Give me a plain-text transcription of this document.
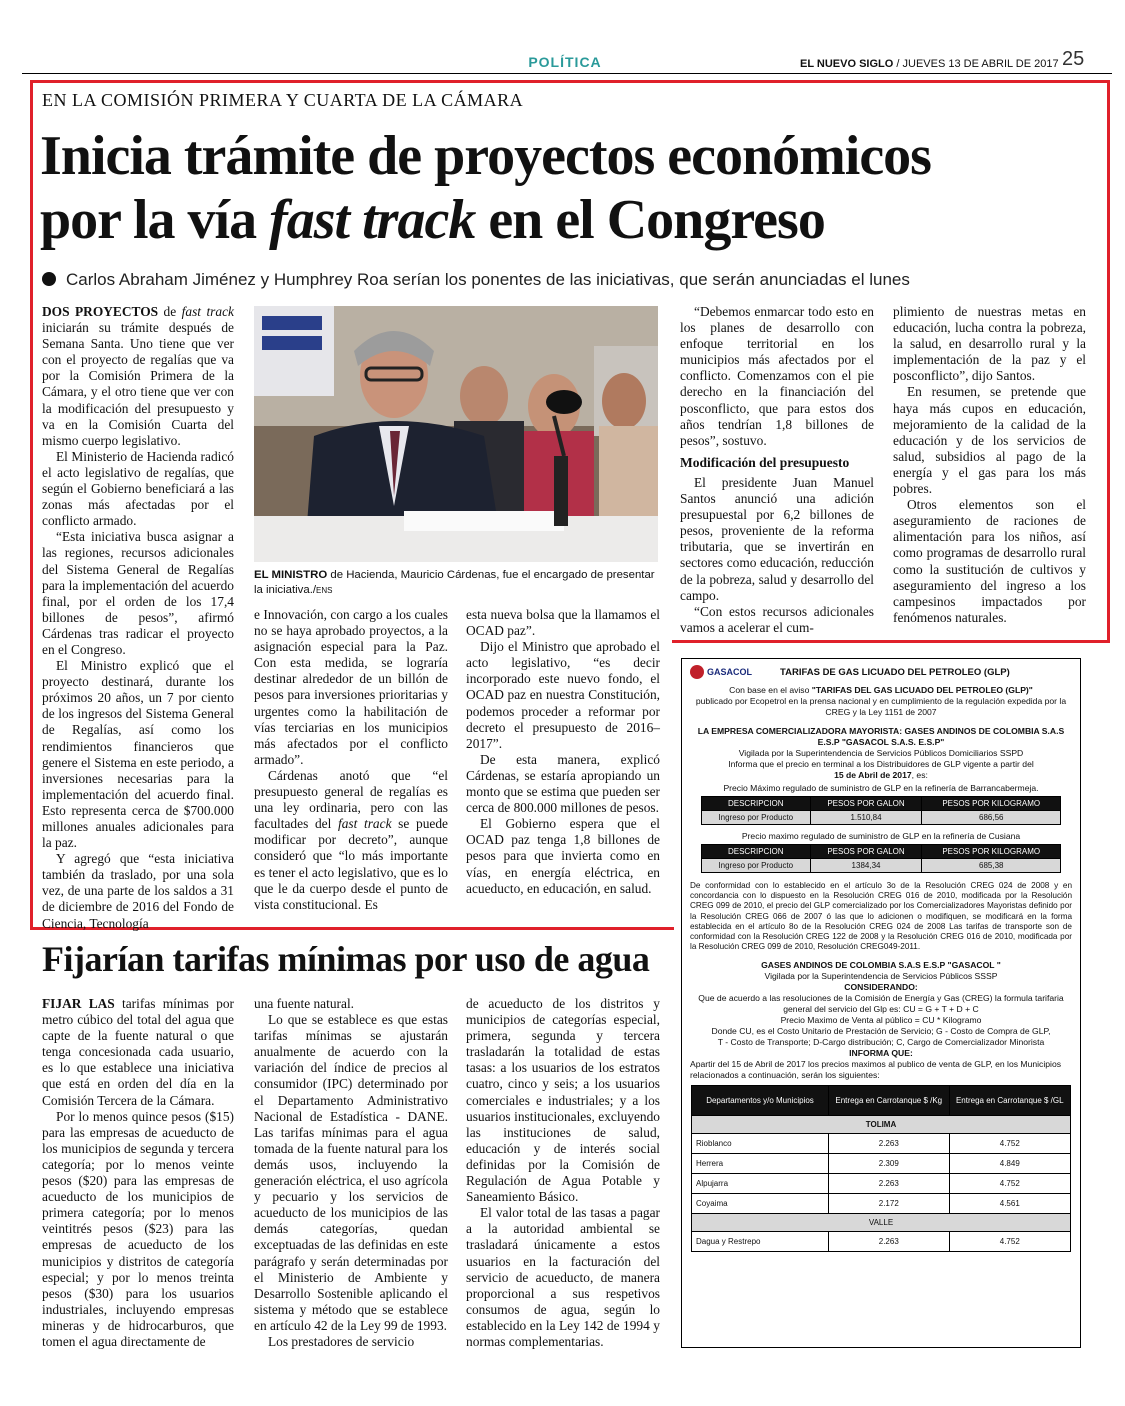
POLÍTICA	EL NUEVO SIGLO / JUEVES 13 DE ABRIL DE 2017 25
EN LA COMISIÓN PRIMERA Y CUARTA DE LA CÁMARA
Inicia trámite de proyectos económicos
por la vía fast track en el Congreso
Carlos Abraham Jiménez y Humphrey Roa serían los ponentes de las iniciativas, que serán anunciadas el lunes

DOS PROYECTOS de fast track iniciarán su trámite después de Semana Santa. Uno tiene que ver con el proyecto de regalías que va por la Comisión Primera de la Cámara, y el otro tiene que ver con la modificación del presupuesto y va en la Comisión Cuarta del mismo cuerpo legislativo.

El Ministerio de Hacienda radicó el acto legislativo de regalías, que según el Gobierno beneficiará a las zonas más afectadas por el conflicto armado.

“Esta iniciativa busca asignar a las regiones, recursos adicionales del Sistema General de Regalías para la implementación del acuerdo final, por el orden de los 17,4 billones de pesos”, afirmó Cárdenas tras radicar el proyecto en el Congreso.

El Ministro explicó que el proyecto destinará, durante los próximos 20 años, un 7 por ciento de los ingresos del Sistema General de Regalías, así como los rendimientos financieros que genere el Sistema en este periodo, a inversiones necesarias para la implementación del acuerdo final. Esto representa cerca de $700.000 millones anuales adicionales para la paz.

Y agregó que “esta iniciativa también da traslado, por una sola vez, de una parte de los saldos a 31 de diciembre de 2016 del Fondo de Ciencia, Tecnología

EL MINISTRO de Hacienda, Mauricio Cárdenas, fue el encargado de presentar la iniciativa./ENS

e Innovación, con cargo a los cuales no se haya aprobado proyectos, a la asignación especial para la Paz. Con esta medida, se lograría destinar alrededor de un billón de pesos para inversiones prioritarias y urgentes como la habilitación de vías terciarias en los municipios más afectados por el conflicto armado”.

Cárdenas anotó que “el presupuesto general de regalías es una ley ordinaria, pero con las facultades del fast track se puede modificar por decreto”, aunque consideró que “lo más importante es tener el acto legislativo, que es lo que le da cuerpo desde el punto de vista constitucional. Es

esta nueva bolsa que la llamamos el OCAD paz”.

Dijo el Ministro que aprobado el acto legislativo, “es decir incorporado este nuevo fondo, el OCAD paz en nuestra Constitución, podemos proceder a reformar por decreto el presupuesto de 2016–2017”.

De esta manera, explicó Cárdenas, se estaría apropiando un monto que se estima que pueden ser cerca de 800.000 millones de pesos.

El Gobierno espera que el OCAD paz tenga 1,8 billones de pesos para que invierta como en vías, en energía eléctrica, en acueducto, en educación, en salud.

“Debemos enmarcar todo esto en los planes de desarrollo con enfoque territorial en los municipios más afectados por el conflicto. Comenzamos con el pie derecho en la financiación del posconflicto, que para estos dos años tendrían 1,8 billones de pesos”, sostuvo.

Modificación del presupuesto

El presidente Juan Manuel Santos anunció una adición presupuestal por 6,2 billones de pesos, proveniente de la reforma tributaria, que se invertirán en sectores como educación, reducción de la pobreza, salud y desarrollo del campo.

“Con estos recursos adicionales vamos a acelerar el cum-

plimiento de nuestras metas en educación, lucha contra la pobreza, la salud, en desarrollo rural y la implementación de la paz y el posconflicto”, dijo Santos.

En resumen, se pretende que haya más cupos en educación, mejoramiento de la calidad de la educación y de los servicios de salud, subsidios al pago de la energía y el gas para los más pobres.

Otros elementos son el aseguramiento de raciones de alimentación para los niños, así como programas de desarrollo rural como la sustitución de cultivos y aseguramiento del ingreso a los campesinos impactados por fenómenos naturales.

Fijarían tarifas mínimas por uso de agua

FIJAR LAS tarifas mínimas por metro cúbico del total del agua que capte de la fuente natural o que tenga concesionada cada usuario, es lo que establece una iniciativa que está en orden del día en la Comisión Tercera de la Cámara.

Por lo menos quince pesos ($15) para las empresas de acueducto de los municipios de segunda y tercera categoría; por lo menos veinte pesos ($20) para las empresas de acueducto de los municipios de primera categoría; por lo menos veintitrés pesos ($23) para las empresas de acueducto de los municipios y distritos de categoría especial; y por lo menos treinta pesos ($30) para los usuarios industriales, incluyendo empresas mineras y de hidrocarburos, que tomen el agua directamente de

una fuente natural.

Lo que se establece es que estas tarifas mínimas se ajustarán anualmente de acuerdo con la variación del índice de precios al consumidor (IPC) determinado por el Departamento Administrativo Nacional de Estadística - DANE. Las tarifas mínimas para el agua tomada de la fuente natural para los demás usos, incluyendo la generación eléctrica, el uso agrícola y pecuario y los servicios de acueducto de los municipios de las demás categorías, quedan exceptuadas de las definidas en este parágrafo y serán determinadas por el Ministerio de Ambiente y Desarrollo Sostenible aplicando el sistema y método que se establece en artículo 42 de la Ley 99 de 1993.

Los prestadores de servicio

de acueducto de los distritos y municipios de categorías especial, primera, segunda y tercera trasladarán la totalidad de estas tasas: a los usuarios de los estratos cuatro, cinco y seis; a los usuarios comerciales e industriales; y a los usuarios institucionales, excluyendo las instituciones de salud, educación y de interés social definidas por la Comisión de Regulación de Agua Potable y Saneamiento Básico.

El valor total de las tasas a pagar a la autoridad ambiental se trasladará únicamente a estos usuarios en la facturación del servicio de acueducto, de manera proporcional a sus respetivos consumos de agua, según lo establecido en la Ley 142 de 1994 y normas complementarias.

GASACOL	TARIFAS DE GAS LICUADO DEL PETROLEO (GLP)
Con base en el aviso "TARIFAS DEL GAS LICUADO DEL PETROLEO (GLP)"
publicado por Ecopetrol en la prensa nacional y en cumplimiento de la regulación expedida por la CREG y la Ley 1151 de 2007
LA EMPRESA COMERCIALIZADORA MAYORISTA: GASES ANDINOS DE COLOMBIA S.A.S E.S.P "GASACOL S.A.S. E.S.P"
Vigilada por la Superintendencia de Servicios Públicos Domiciliarios SSPD
Informa que el precio en terminal a los Distribuidores de GLP vigente a partir del
15 de Abril de 2017, es:
Precio Máximo regulado de suministro de GLP en la refinería de Barrancabermeja.
DESCRIPCION	PESOS POR GALON	PESOS POR KILOGRAMO
Ingreso por Producto	1.510,84	686,56
Precio maximo regulado de suministro de GLP en la refinería de Cusiana
DESCRIPCION	PESOS POR GALON	PESOS POR KILOGRAMO
Ingreso por Producto	1384,34	685,38
De conformidad con lo establecido en el artículo 3o de la Resolución CREG 024 de 2008 y en concordancia con lo dispuesto en la Resolución CREG 016 de 2010, modificada por la Resolución CREG 099 de 2010, el precio del GLP comercializado por los Comercializadores Mayoristas definido por la Resolución CREG 066 de 2007 ó las que lo adicionen o modifiquen, se modificará en la forma establecida en el artículo 8o de la Resolución CREG 024 de 2008 Las tarifas de transporte son de conformidad con la Resolución CREG 122 de 2008 y la Resolución CREG 016 de 2010, modificada por la Resolución CREG 099 de 2010, Resolución CREG049-2011.
GASES ANDINOS DE COLOMBIA S.A.S E.S.P "GASACOL "
Vigilada por la Superintendencia de Servicios Públicos SSSP
CONSIDERANDO:
Que de acuerdo a las resoluciones de la Comisión de Energía y Gas (CREG) la formula tarifaria general del servicio del Glp es: CU = G + T + D + C
Precio Maximo de Venta al público = CU * Kilogramo
Donde CU, es el Costo Unitario de Prestación de Servicio; G - Costo de Compra de GLP,
T - Costo de Transporte; D-Cargo distribución; C, Cargo de Comercializador Minorista
INFORMA QUE:
Apartir del 15 de Abril de 2017 los precios maximos al publico de venta de GLP, en los Municipios relacionados a continuación, serán los siguientes:
Departamentos y/o Municipios	Entrega en Carrotanque $ /Kg	Entrega en Carrotanque $ /GL
TOLIMA		
Rioblanco	2.263	4.752
Herrera	2.309	4.849
Alpujarra	2.263	4.752
Coyaima	2.172	4.561
VALLE		
Dagua y Restrepo	2.263	4.752
